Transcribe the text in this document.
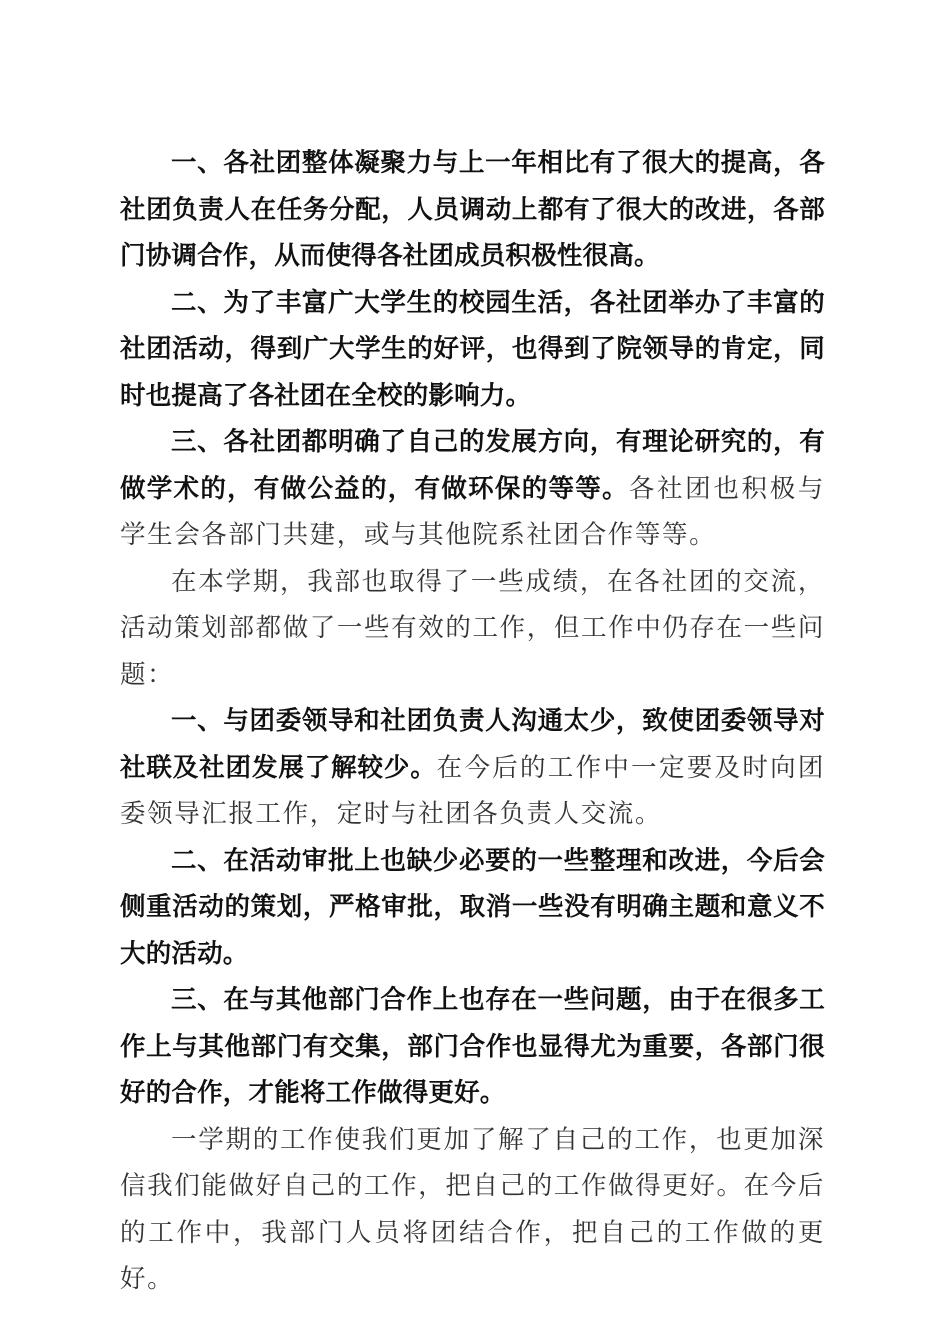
一、各社团整体凝聚力与上一年相比有了很大的提高，各社团负责人在任务分配，人员调动上都有了很大的改进，各部门协调合作，从而使得各社团成员积极性很高。

二、为了丰富广大学生的校园生活，各社团举办了丰富的社团活动，得到广大学生的好评，也得到了院领导的肯定，同时也提高了各社团在全校的影响力。

三、各社团都明确了自己的发展方向，有理论研究的，有做学术的，有做公益的，有做环保的等等。各社团也积极与学生会各部门共建，或与其他院系社团合作等等。

在本学期，我部也取得了一些成绩，在各社团的交流，活动策划部都做了一些有效的工作，但工作中仍存在一些问题：

一、与团委领导和社团负责人沟通太少，致使团委领导对社联及社团发展了解较少。在今后的工作中一定要及时向团委领导汇报工作，定时与社团各负责人交流。

二、在活动审批上也缺少必要的一些整理和改进，今后会侧重活动的策划，严格审批，取消一些没有明确主题和意义不大的活动。

三、在与其他部门合作上也存在一些问题，由于在很多工作上与其他部门有交集，部门合作也显得尤为重要，各部门很好的合作，才能将工作做得更好。

一学期的工作使我们更加了解了自己的工作，也更加深信我们能做好自己的工作，把自己的工作做得更好。在今后的工作中，我部门人员将团结合作，把自己的工作做的更好。
